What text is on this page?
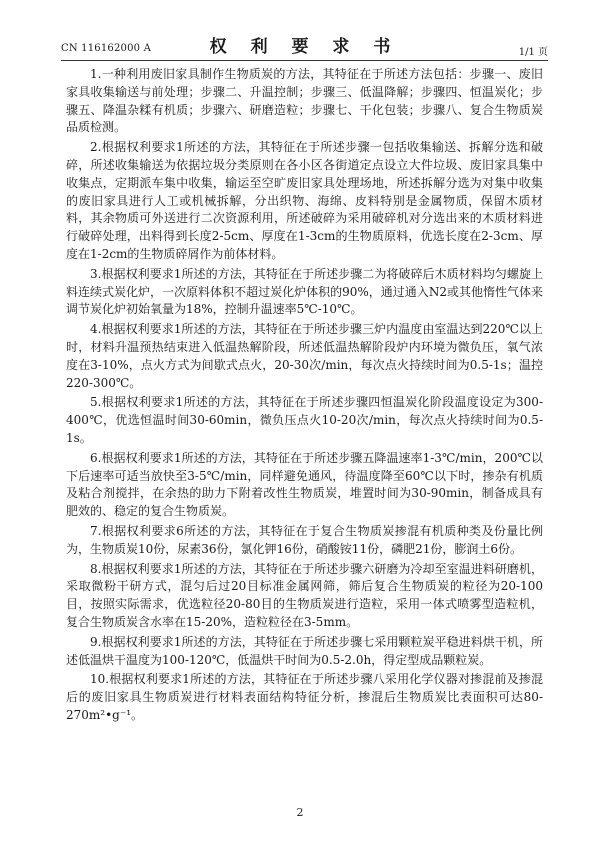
CN 116162000 A	权 利 要 求 书	1/1 页

1.一种利用废旧家具制作生物质炭的方法，其特征在于所述方法包括：步骤一、废旧家具收集输送与前处理；步骤二、升温控制；步骤三、低温降解；步骤四、恒温炭化；步骤五、降温杂糅有机质；步骤六、研磨造粒；步骤七、干化包装；步骤八、复合生物质炭品质检测。

2.根据权利要求1所述的方法，其特征在于所述步骤一包括收集输送、拆解分选和破碎，所述收集输送为依据垃圾分类原则在各小区各街道定点设立大件垃圾、废旧家具集中收集点，定期派车集中收集，输运至空旷废旧家具处理场地，所述拆解分选为对集中收集的废旧家具进行人工或机械拆解，分出织物、海绵、皮料特别是金属物质，保留木质材料，其余物质可外送进行二次资源利用，所述破碎为采用破碎机对分选出来的木质材料进行破碎处理，出料得到长度2-5cm、厚度在1-3cm的生物质原料，优选长度在2-3cm、厚度在1-2cm的生物质碎屑作为前体材料。

3.根据权利要求1所述的方法，其特征在于所述步骤二为将破碎后木质材料均匀螺旋上料连续式炭化炉，一次原料体积不超过炭化炉体积的90%，通过通入N2或其他惰性气体来调节炭化炉初始氧量为18%，控制升温速率5℃-10℃。

4.根据权利要求1所述的方法，其特征在于所述步骤三炉内温度由室温达到220℃以上时，材料升温预热结束进入低温热解阶段，所述低温热解阶段炉内环境为微负压，氧气浓度在3-10%，点火方式为间歇式点火，20-30次/min，每次点火持续时间为0.5-1s；温控220-300℃。

5.根据权利要求1所述的方法，其特征在于所述步骤四恒温炭化阶段温度设定为300-400℃，优选恒温时间30-60min，微负压点火10-20次/min，每次点火持续时间为0.5-1s。

6.根据权利要求1所述的方法，其特征在于所述步骤五降温速率1-3℃/min，200℃以下后速率可适当放快至3-5℃/min，同样避免通风，待温度降至60℃以下时，掺杂有机质及粘合剂搅拌，在余热的助力下附着改性生物质炭，堆置时间为30-90min，制备成具有肥效的、稳定的复合生物质炭。

7.根据权利要求6所述的方法，其特征在于复合生物质炭掺混有机质种类及份量比例为，生物质炭10份，尿素36份，氯化钾16份，硝酸铵11份，磷肥21份，膨润土6份。

8.根据权利要求1所述的方法，其特征在于所述步骤六研磨为冷却至室温进料研磨机，采取微粉干研方式，混匀后过20目标准金属网筛，筛后复合生物质炭的粒径为20-100目，按照实际需求，优选粒径20-80目的生物质炭进行造粒，采用一体式喷雾型造粒机，复合生物质炭含水率在15-20%，造粒粒径在3-5mm。

9.根据权利要求1所述的方法，其特征在于所述步骤七采用颗粒炭平稳进料烘干机，所述低温烘干温度为100-120℃，低温烘干时间为0.5-2.0h，得定型成品颗粒炭。

10.根据权利要求1所述的方法，其特征在于所述步骤八采用化学仪器对掺混前及掺混后的废旧家具生物质炭进行材料表面结构特征分析，掺混后生物质炭比表面积可达80-270m²•g⁻¹。

2
